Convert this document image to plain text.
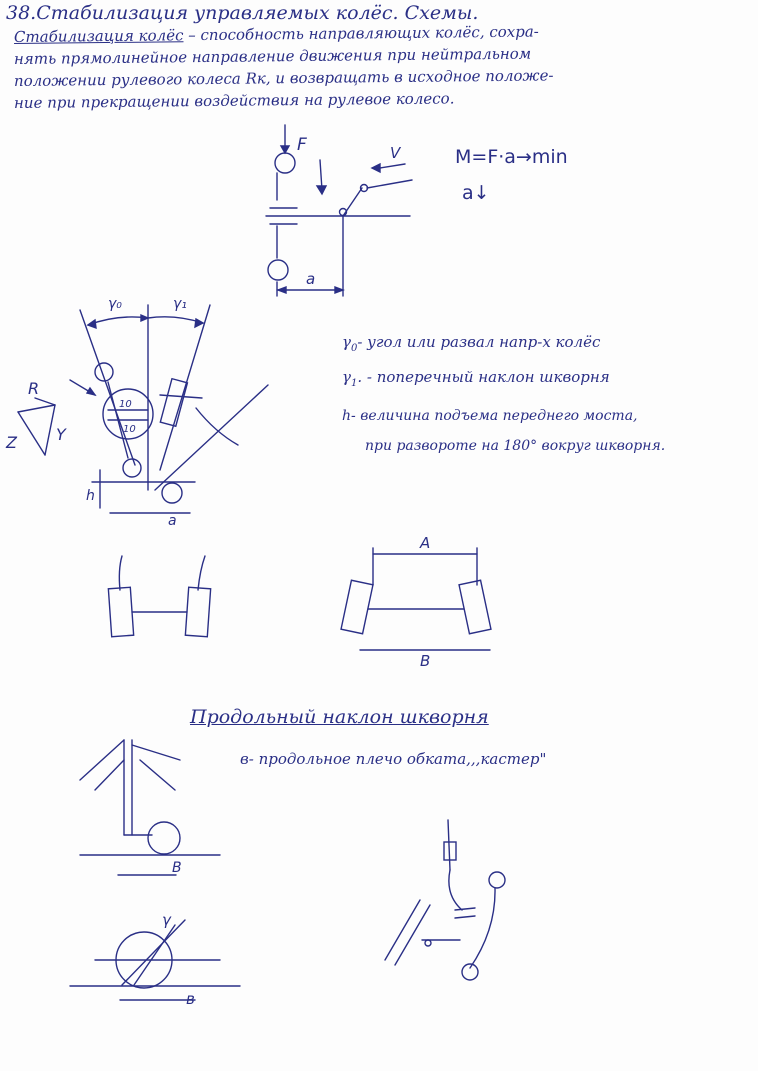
38.Стабилизация управляемых колёс. Схемы.
Стабилизация колёс – способность направляющих колёс, сохра-
нять прямолинейное направление движения при нейтральном
положении рулевого колеса Rк, и возвращать в исходное положе-
ние при прекращении воздействия на рулевое колесо.
M=F·a→min
a↓
$\gamma_0-$ угол или развал напр-х колёс
$\gamma_1$. - поперечный наклон шкворня
h- величина подъема переднего моста,
при развороте на 180° вокруг шкворня.
Продольный наклон шкворня
в- продольное плечо обката,,,кастер"
F	V
a
γ₀	γ₁
10
10
h
a
R
Z Y
A
B
B
γ
в
